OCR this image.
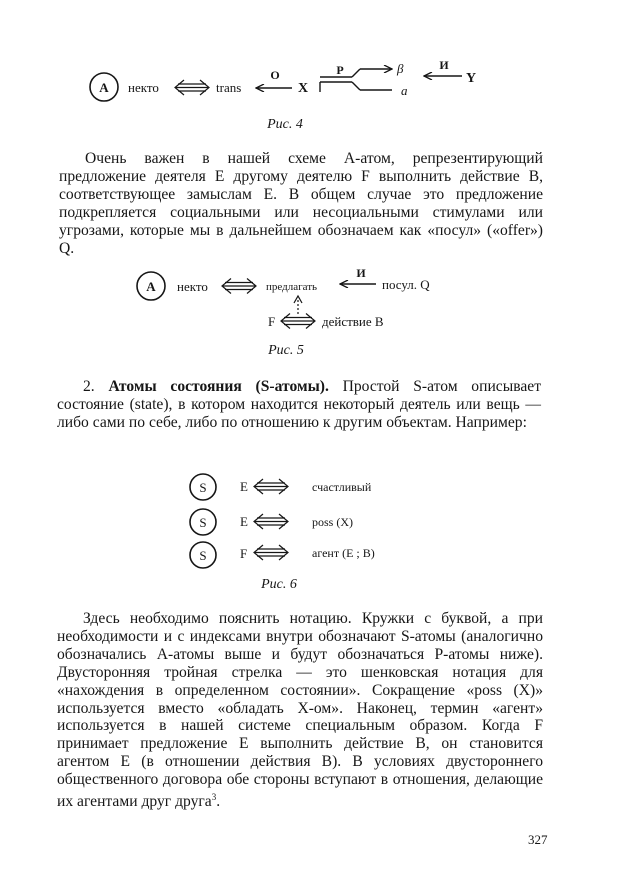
A некто	trans
O
X
P	β
a
И
Y
A некто	предлагать
И
посул. Q
F	действие B
S	E	счастливый
S	E	poss (X)
S	F	агент (E ; B)

Рис. 4

Очень важен в нашей схеме А-атом, репрезентирующий предложение деятеля Е другому деятелю F выполнить действие B, соответствующее замыслам Е. В общем случае это предложение подкрепляется социальными или несоциальными стимулами или угрозами, которые мы в дальнейшем обозначаем как «посул» («offer») Q.

Рис. 5

2. Атомы состояния (S-атомы). Простой S-атом описывает состояние (state), в котором находится некоторый деятель или вещь — либо сами по себе, либо по отношению к другим объектам. Например:

Рис. 6

Здесь необходимо пояснить нотацию. Кружки с буквой, а при необходимости и с индексами внутри обозначают S-атомы (аналогично обозначались А-атомы выше и будут обозначаться Р-атомы ниже). Двусторонняя тройная стрелка — это шенковская нотация для «нахождения в определенном состоянии». Сокращение «poss (X)» используется вместо «обладать Х-ом». Наконец, термин «агент» используется в нашей системе специальным образом. Когда F принимает предложение Е выполнить действие B, он становится агентом Е (в отношении действия B). В условиях двустороннего общественного договора обе стороны вступают в отношения, делающие их агентами друг друга$^3$.

327
